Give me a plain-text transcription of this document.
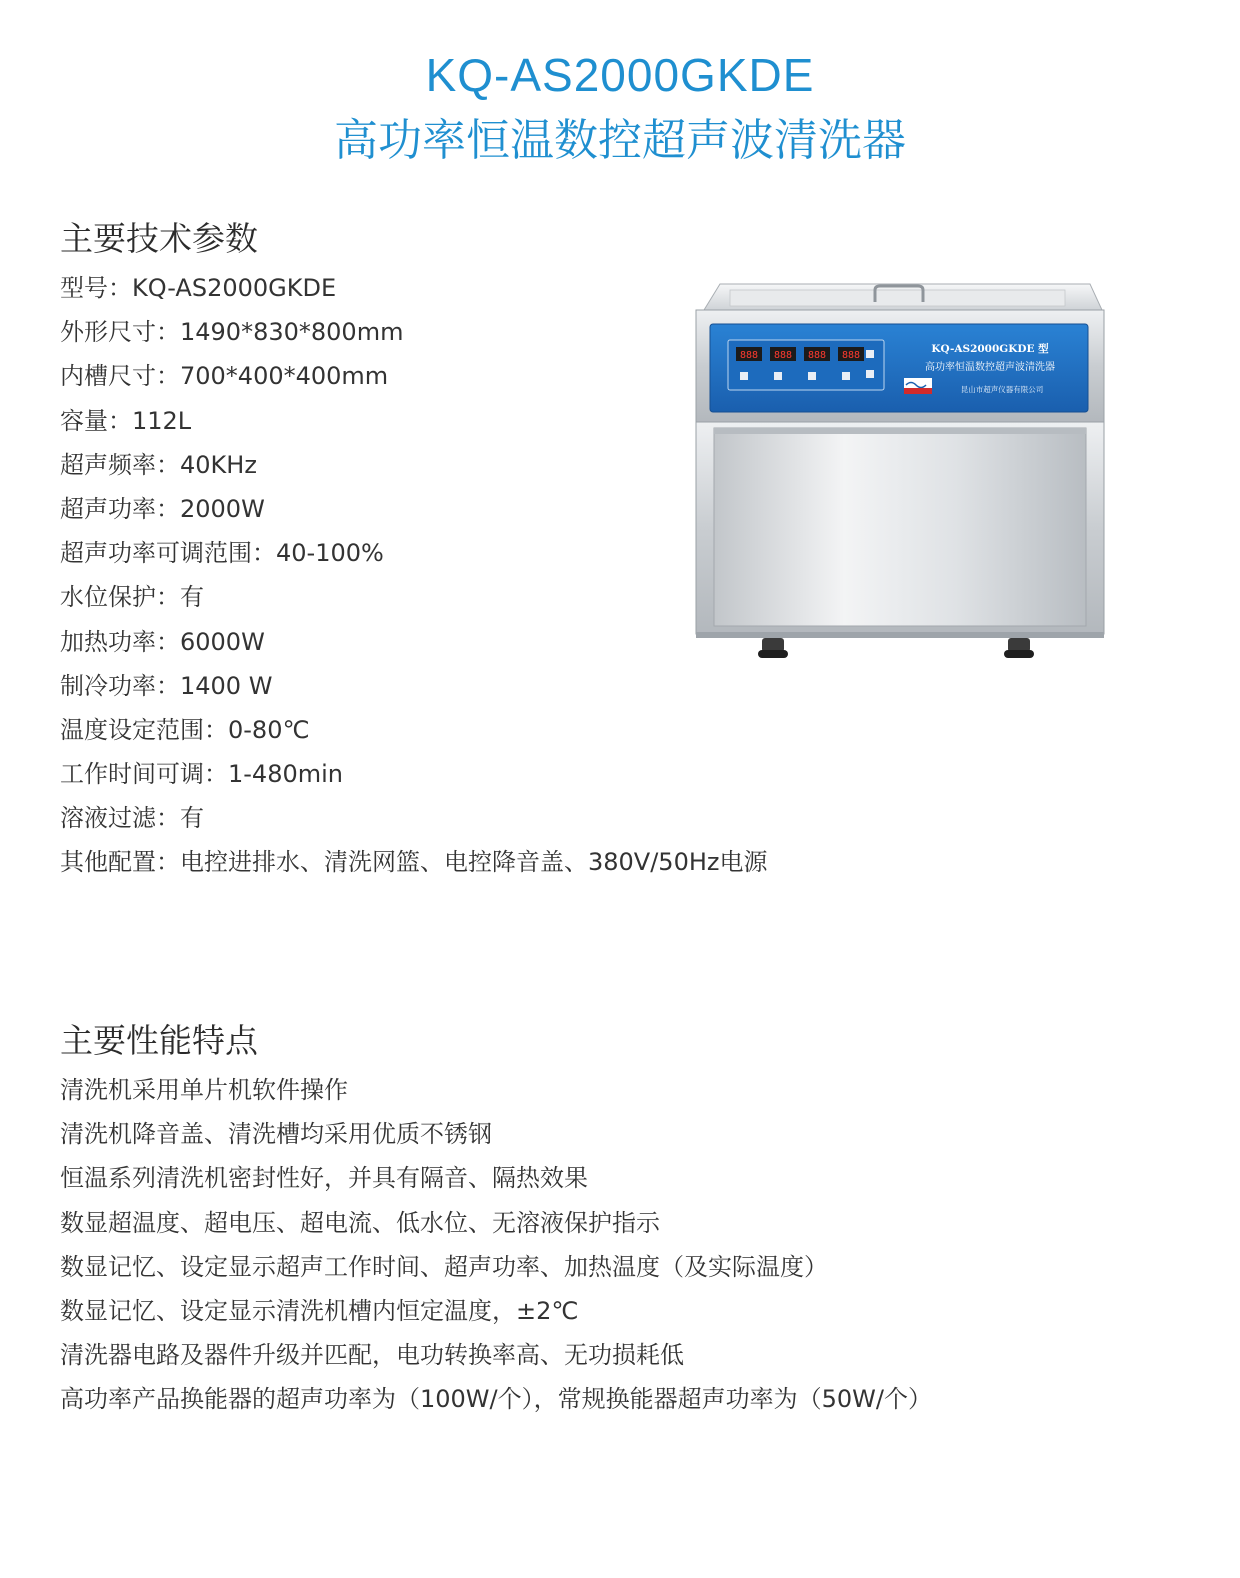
KQ-AS2000GKDE
高功率恒温数控超声波清洗器
主要技术参数
型号：KQ-AS2000GKDE
外形尺寸：1490*830*800mm
内槽尺寸：700*400*400mm
容量：112L
超声频率：40KHz
超声功率：2000W
超声功率可调范围：40-100%
水位保护：有
加热功率：6000W
制冷功率：1400 W
温度设定范围：0-80℃
工作时间可调：1-480min
溶液过滤：有
其他配置：电控进排水、清洗网篮、电控降音盖、380V/50Hz电源
主要性能特点
清洗机采用单片机软件操作
清洗机降音盖、清洗槽均采用优质不锈钢
恒温系列清洗机密封性好，并具有隔音、隔热效果
数显超温度、超电压、超电流、低水位、无溶液保护指示
数显记忆、设定显示超声工作时间、超声功率、加热温度（及实际温度）
数显记忆、设定显示清洗机槽内恒定温度，±2℃
清洗器电路及器件升级并匹配，电功转换率高、无功损耗低
高功率产品换能器的超声功率为（100W/个），常规换能器超声功率为（50W/个）
888 888 888 888
KQ-AS2000GKDE 型
高功率恒温数控超声波清洗器
昆山市超声仪器有限公司
